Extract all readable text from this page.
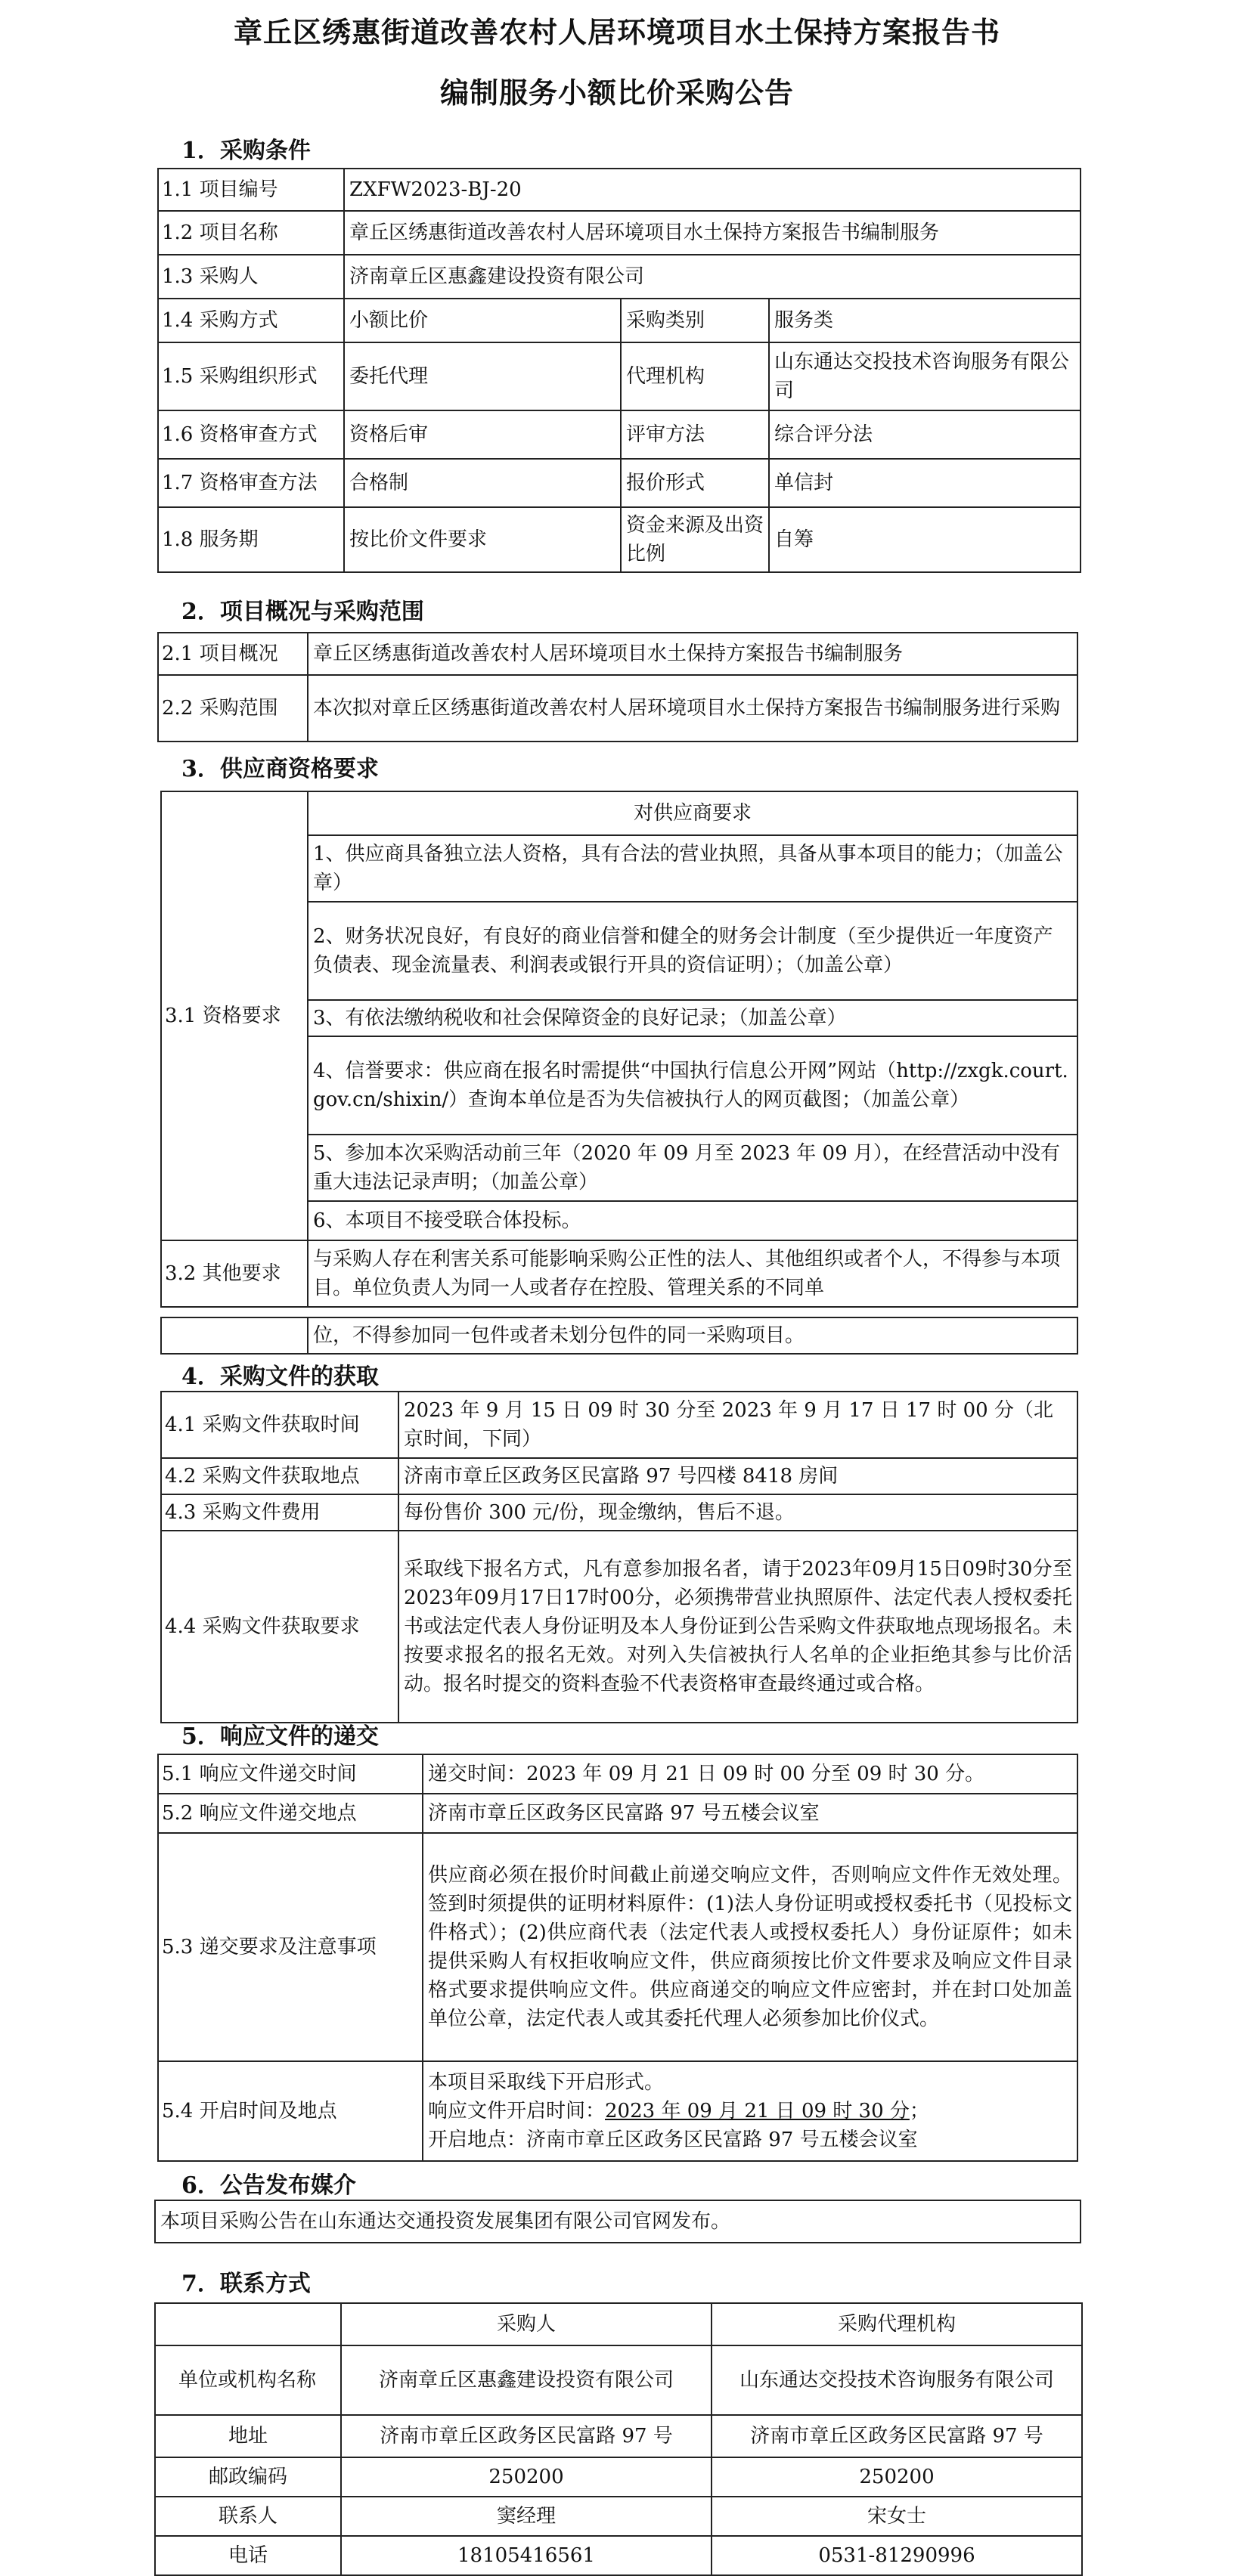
章丘区绣惠街道改善农村人居环境项目水土保持方案报告书
编制服务小额比价采购公告
1．采购条件
1.1 项目编号	ZXFW2023-BJ-20		
1.2 项目名称	章丘区绣惠街道改善农村人居环境项目水土保持方案报告书编制服务		
1.3 采购人	济南章丘区惠鑫建设投资有限公司		
1.4 采购方式	小额比价	采购类别	服务类
1.5 采购组织形式	委托代理	代理机构	山东通达交投技术咨询服务有限公司
1.6 资格审查方式	资格后审	评审方法	综合评分法
1.7 资格审查方法	合格制	报价形式	单信封
1.8 服务期	按比价文件要求	资金来源及出资比例	自筹
2．项目概况与采购范围
2.1 项目概况	章丘区绣惠街道改善农村人居环境项目水土保持方案报告书编制服务
2.2 采购范围	本次拟对章丘区绣惠街道改善农村人居环境项目水土保持方案报告书编制服务进行采购
3．供应商资格要求
3.1 资格要求	对供应商要求
	1、供应商具备独立法人资格，具有合法的营业执照，具备从事本项目的能力；（加盖公章）
	2、财务状况良好，有良好的商业信誉和健全的财务会计制度（至少提供近一年度资产负债表、现金流量表、利润表或银行开具的资信证明）；（加盖公章）
	3、有依法缴纳税收和社会保障资金的良好记录；（加盖公章）
	4、信誉要求：供应商在报名时需提供“中国执行信息公开网”网站（http://zxgk.court.gov.cn/shixin/）查询本单位是否为失信被执行人的网页截图；（加盖公章）
	5、参加本次采购活动前三年（2020 年 09 月至 2023 年 09 月），在经营活动中没有重大违法记录声明；（加盖公章）
	6、本项目不接受联合体投标。
3.2 其他要求	与采购人存在利害关系可能影响采购公正性的法人、其他组织或者个人，不得参与本项目。单位负责人为同一人或者存在控股、管理关系的不同单
	位，不得参加同一包件或者未划分包件的同一采购项目。
4．采购文件的获取
4.1 采购文件获取时间	2023 年 9 月 15 日 09 时 30 分至 2023 年 9 月 17 日 17 时 00 分（北京时间，下同）
4.2 采购文件获取地点	济南市章丘区政务区民富路 97 号四楼 8418 房间
4.3 采购文件费用	每份售价 300 元/份，现金缴纳，售后不退。
4.4 采购文件获取要求	采取线下报名方式，凡有意参加报名者，请于2023年09月15日09时30分至2023年09月17日17时00分，必须携带营业执照原件、法定代表人授权委托书或法定代表人身份证明及本人身份证到公告采购文件获取地点现场报名。未按要求报名的报名无效。对列入失信被执行人名单的企业拒绝其参与比价活动。报名时提交的资料查验不代表资格审查最终通过或合格。
5．响应文件的递交
5.1 响应文件递交时间	递交时间：2023 年 09 月 21 日 09 时 00 分至 09 时 30 分。
5.2 响应文件递交地点	济南市章丘区政务区民富路 97 号五楼会议室
5.3 递交要求及注意事项	供应商必须在报价时间截止前递交响应文件，否则响应文件作无效处理。签到时须提供的证明材料原件：(1)法人身份证明或授权委托书（见投标文件格式）；(2)供应商代表（法定代表人或授权委托人）身份证原件；如未提供采购人有权拒收响应文件，供应商须按比价文件要求及响应文件目录格式要求提供响应文件。供应商递交的响应文件应密封，并在封口处加盖单位公章，法定代表人或其委托代理人必须参加比价仪式。
5.4 开启时间及地点	本项目采取线下开启形式。
响应文件开启时间：2023 年 09 月 21 日 09 时 30 分；
开启地点：济南市章丘区政务区民富路 97 号五楼会议室
6．公告发布媒介
本项目采购公告在山东通达交通投资发展集团有限公司官网发布。
7．联系方式
	采购人	采购代理机构
单位或机构名称	济南章丘区惠鑫建设投资有限公司	山东通达交投技术咨询服务有限公司
地址	济南市章丘区政务区民富路 97 号	济南市章丘区政务区民富路 97 号
邮政编码	250200	250200
联系人	窦经理	宋女士
电话	18105416561	0531-81290996
